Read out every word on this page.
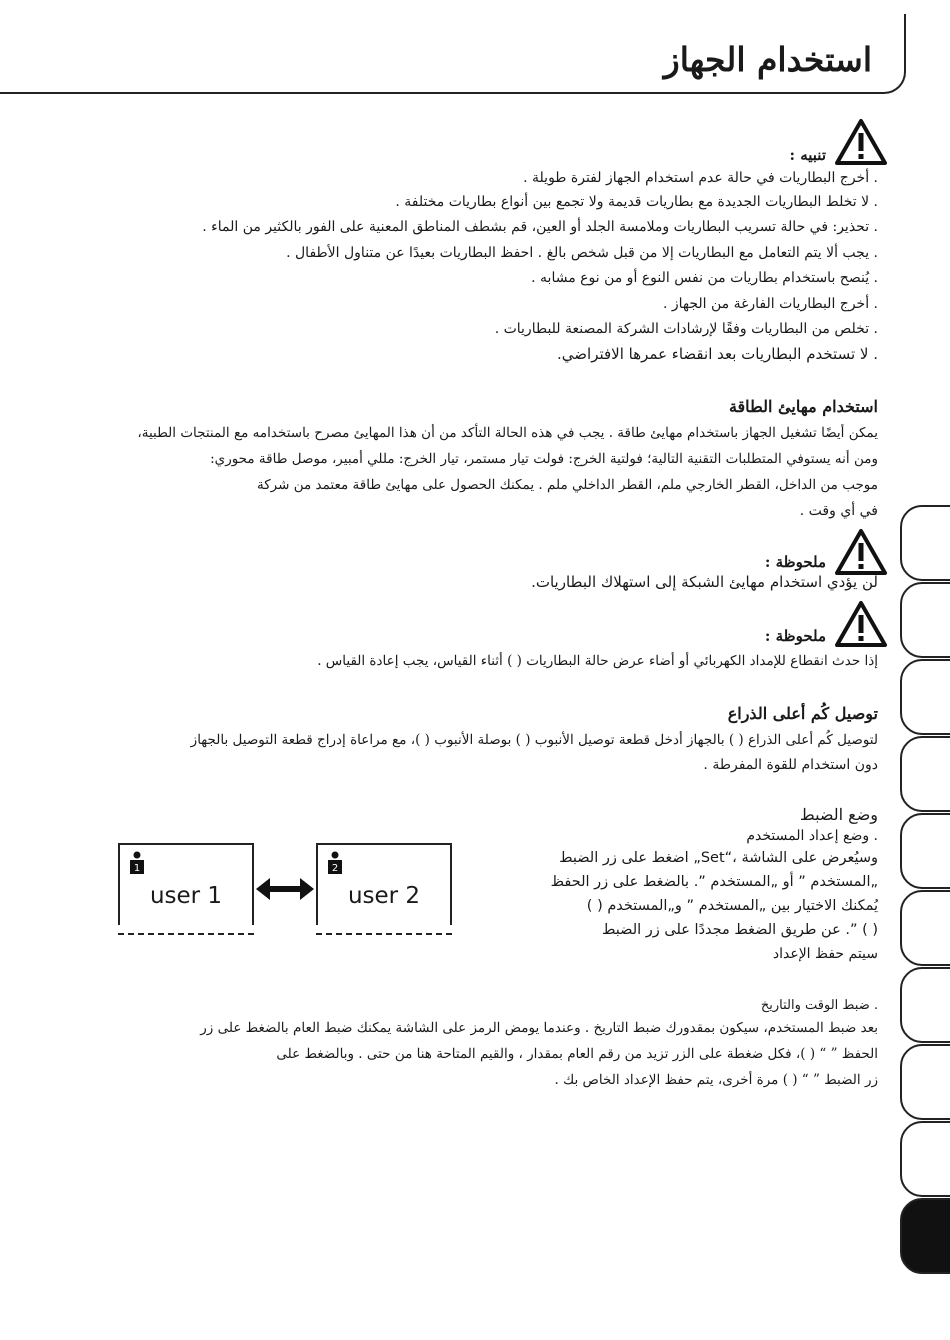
استخدام الجهاز
تنبيه :
. أخرج البطاريات في حالة عدم استخدام الجهاز لفترة طويلة .
. لا تخلط البطاريات الجديدة مع بطاريات قديمة ولا تجمع بين أنواع بطاريات مختلفة .
. تحذير: في حالة تسريب البطاريات وملامسة الجلد أو العين، قم بشطف المناطق المعنية على الفور بالكثير من الماء .
. يجب ألا يتم التعامل مع البطاريات إلا من قبل شخص بالغ . احفظ البطاريات بعيدًا عن متناول الأطفال .
. يُنصح باستخدام بطاريات من نفس النوع أو من نوع مشابه .
. أخرج البطاريات الفارغة من الجهاز .
. تخلص من البطاريات وفقًا لإرشادات الشركة المصنعة للبطاريات .
. لا تستخدم البطاريات بعد انقضاء عمرها الافتراضي.
استخدام مهايئ الطاقة
يمكن أيضًا تشغيل الجهاز باستخدام مهايئ طاقة . يجب في هذه الحالة التأكد من أن هذا المهايئ مصرح باستخدامه مع المنتجات الطبية،
ومن أنه يستوفي المتطلبات التقنية التالية؛ فولتية الخرج: فولت تيار مستمر، تيار الخرج: مللي أمبير، موصل طاقة محوري:
موجب من الداخل، القطر الخارجي ملم، القطر الداخلي ملم . يمكنك الحصول على مهايئ طاقة معتمد من شركة
في أي وقت .
ملحوظة :
لن يؤدي استخدام مهايئ الشبكة إلى استهلاك البطاريات.
ملحوظة :
إذا حدث انقطاع للإمداد الكهربائي أو أضاء عرض حالة البطاريات ( ) أثناء القياس، يجب إعادة القياس .
توصيل كُم أعلى الذراع
لتوصيل كُم أعلى الذراع ( ) بالجهاز أدخل قطعة توصيل الأنبوب ( ) بوصلة الأنبوب ( )، مع مراعاة إدراج قطعة التوصيل بالجهاز
دون استخدام للقوة المفرطة .
وضع الضبط
. وضع إعداد المستخدم
وسيُعرض على الشاشة ،“Set„ اضغط على زر الضبط
„المستخدم ” أو „المستخدم ”. بالضغط على زر الحفظ
يُمكنك الاختيار بين „المستخدم ” و„المستخدم ( )
( ) ”. عن طريق الضغط مجددًا على زر الضبط
سيتم حفظ الإعداد
1
user 1
2
user 2
. ضبط الوقت والتاريخ
بعد ضبط المستخدم، سيكون بمقدورك ضبط التاريخ . وعندما يومض الرمز على الشاشة يمكنك ضبط العام بالضغط على زر
الحفظ ” “ ( )، فكل ضغطة على الزر تزيد من رقم العام بمقدار ، والقيم المتاحة هنا من حتى . وبالضغط على
زر الضبط ” “ ( ) مرة أخرى، يتم حفظ الإعداد الخاص بك .
